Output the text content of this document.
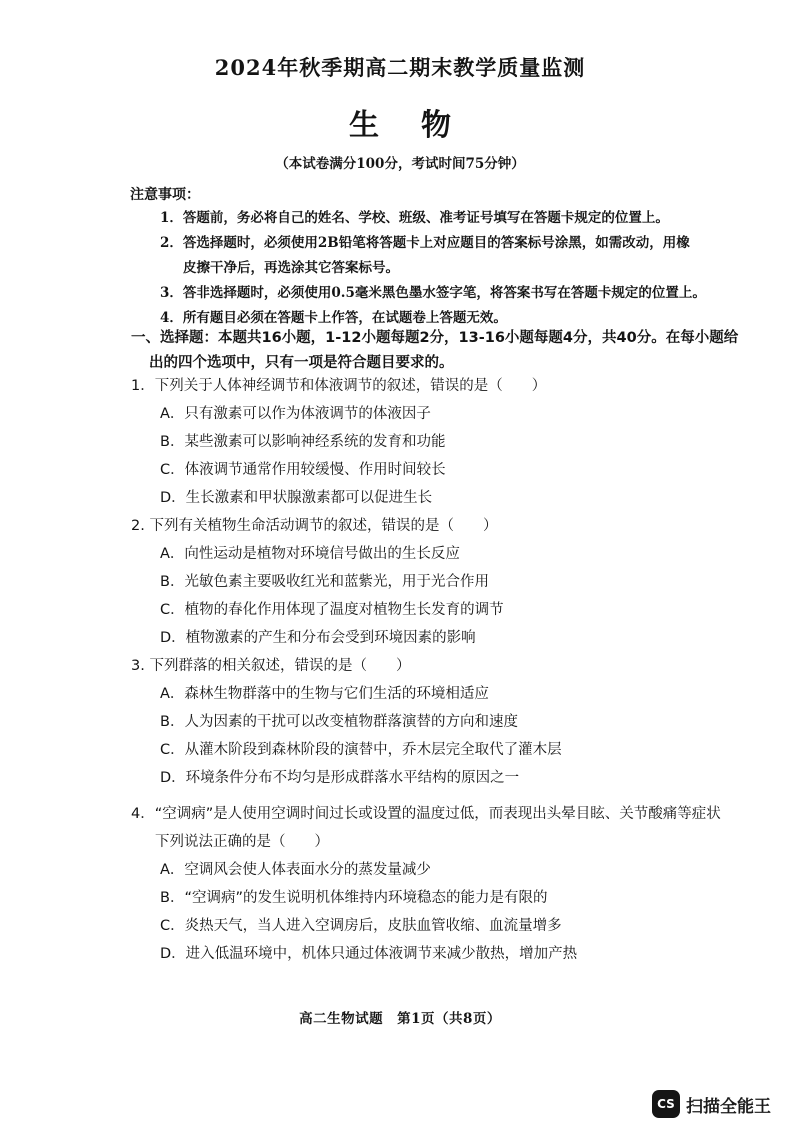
2024年秋季期高二期末教学质量监测
生物
（本试卷满分100分，考试时间75分钟）
注意事项：
1．答题前，务必将自己的姓名、学校、班级、准考证号填写在答题卡规定的位置上。
2．答选择题时，必须使用2B铅笔将答题卡上对应题目的答案标号涂黑，如需改动，用橡
皮擦干净后，再选涂其它答案标号。
3．答非选择题时，必须使用0.5毫米黑色墨水签字笔，将答案书写在答题卡规定的位置上。
4．所有题目必须在答题卡上作答，在试题卷上答题无效。
一、选择题：本题共16小题，1-12小题每题2分，13-16小题每题4分，共40分。在每小题给
出的四个选项中，只有一项是符合题目要求的。
1．下列关于人体神经调节和体液调节的叙述，错误的是（　　）
A．只有激素可以作为体液调节的体液因子
B．某些激素可以影响神经系统的发育和功能
C．体液调节通常作用较缓慢、作用时间较长
D．生长激素和甲状腺激素都可以促进生长
2. 下列有关植物生命活动调节的叙述，错误的是（　　）
A．向性运动是植物对环境信号做出的生长反应
B．光敏色素主要吸收红光和蓝紫光，用于光合作用
C．植物的春化作用体现了温度对植物生长发育的调节
D．植物激素的产生和分布会受到环境因素的影响
3. 下列群落的相关叙述，错误的是（　　）
A．森林生物群落中的生物与它们生活的环境相适应
B．人为因素的干扰可以改变植物群落演替的方向和速度
C．从灌木阶段到森林阶段的演替中，乔木层完全取代了灌木层
D．环境条件分布不均匀是形成群落水平结构的原因之一
4．“空调病”是人使用空调时间过长或设置的温度过低，而表现出头晕目眩、关节酸痛等症状
下列说法正确的是（　　）
A．空调风会使人体表面水分的蒸发量减少
B．“空调病”的发生说明机体维持内环境稳态的能力是有限的
C．炎热天气，当人进入空调房后，皮肤血管收缩、血流量增多
D．进入低温环境中，机体只通过体液调节来减少散热，增加产热
高二生物试题　第1页（共8页）
CS 扫描全能王
